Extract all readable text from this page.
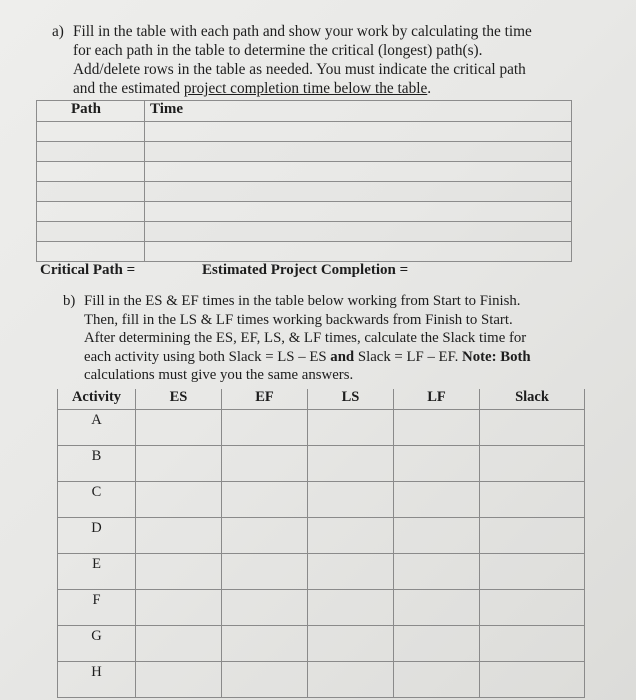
a) Fill in the table with each path and show your work by calculating the time
for each path in the table to determine the critical (longest) path(s).
Add/delete rows in the table as needed. You must indicate the critical path
and the estimated project completion time below the table.
Path	Time

Critical Path =	Estimated Project Completion =
b) Fill in the ES & EF times in the table below working from Start to Finish.
Then, fill in the LS & LF times working backwards from Finish to Start.
After determining the ES, EF, LS, & LF times, calculate the Slack time for
each activity using both Slack = LS – ES and Slack = LF – EF. Note: Both
calculations must give you the same answers.
Activity	ES	EF	LS	LF	Slack
A					
B					
C					
D					
E					
F					
G					
H					
